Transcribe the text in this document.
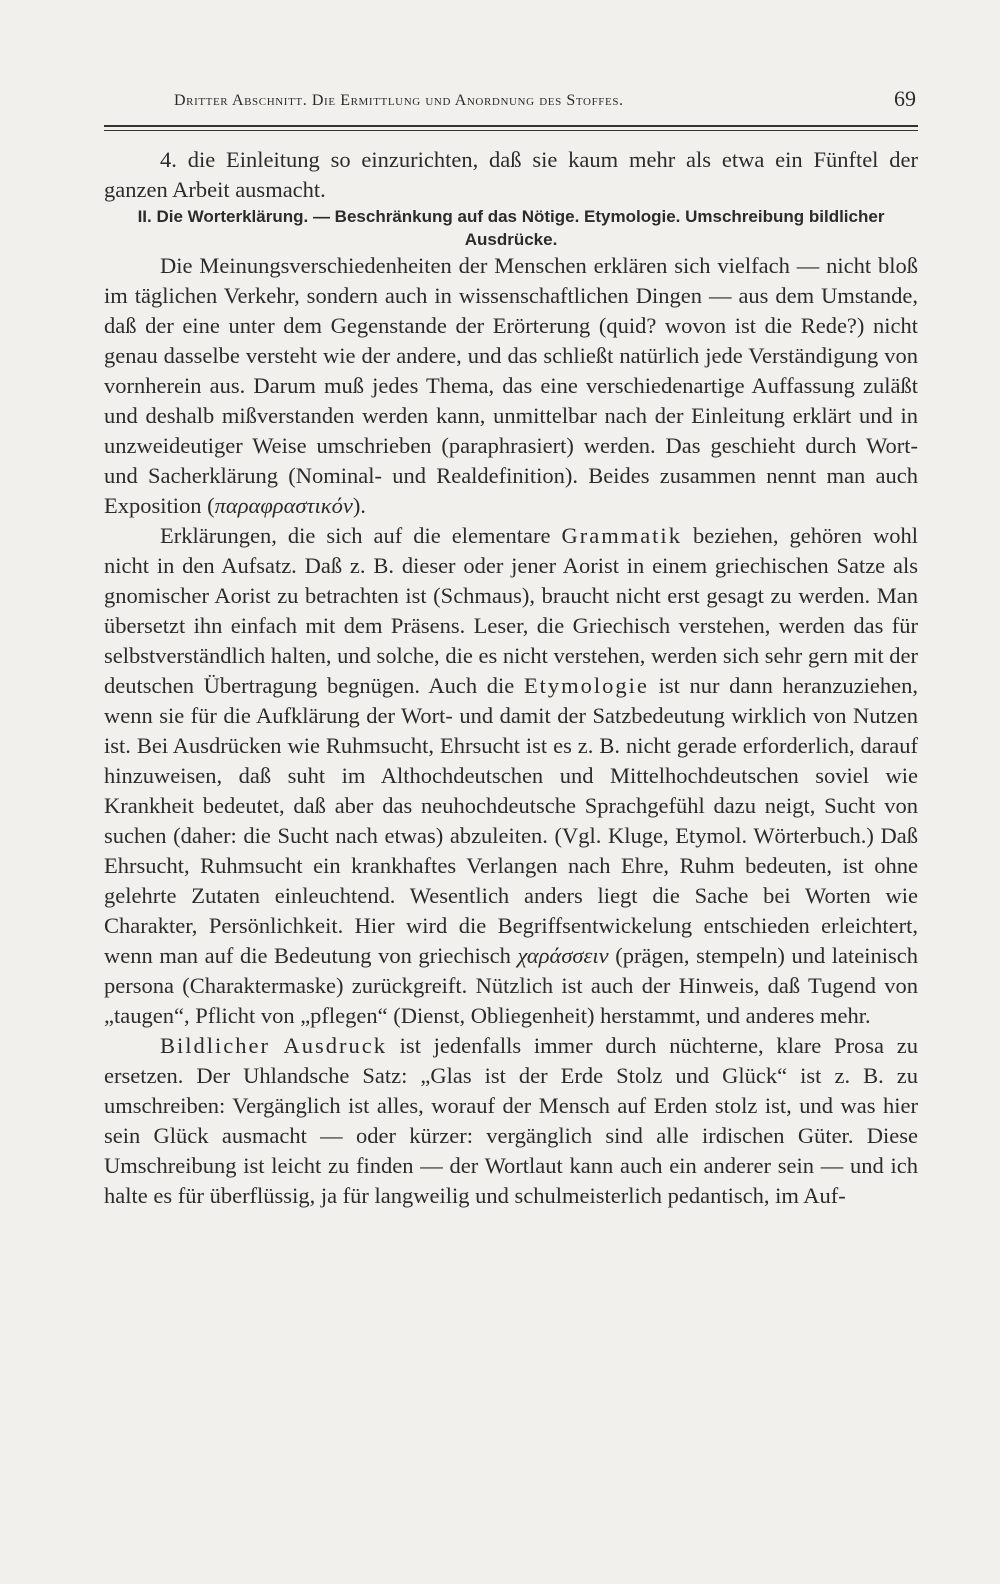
Dritter Abschnitt. Die Ermittlung und Anordnung des Stoffes.	69

4. die Einleitung so einzurichten, daß sie kaum mehr als etwa ein Fünftel der ganzen Arbeit ausmacht.

II. Die Worterklärung. — Beschränkung auf das Nötige. Etymologie. Umschreibung bildlicher Ausdrücke.

Die Meinungsverschiedenheiten der Menschen erklären sich vielfach — nicht bloß im täglichen Verkehr, sondern auch in wissenschaftlichen Dingen — aus dem Umstande, daß der eine unter dem Gegenstande der Erörterung (quid? wovon ist die Rede?) nicht genau dasselbe versteht wie der andere, und das schließt natürlich jede Verständigung von vornherein aus. Darum muß jedes Thema, das eine verschiedenartige Auffassung zuläßt und deshalb mißverstanden werden kann, unmittelbar nach der Einleitung erklärt und in unzweideutiger Weise umschrieben (paraphrasiert) werden. Das geschieht durch Wort- und Sacherklärung (Nominal- und Realdefinition). Beides zusammen nennt man auch Exposition (παραφραστικόν).

Erklärungen, die sich auf die elementare Grammatik beziehen, gehören wohl nicht in den Aufsatz. Daß z. B. dieser oder jener Aorist in einem griechischen Satze als gnomischer Aorist zu betrachten ist (Schmaus), braucht nicht erst gesagt zu werden. Man übersetzt ihn einfach mit dem Präsens. Leser, die Griechisch verstehen, werden das für selbstverständlich halten, und solche, die es nicht verstehen, werden sich sehr gern mit der deutschen Übertragung begnügen. Auch die Etymologie ist nur dann heranzuziehen, wenn sie für die Aufklärung der Wort- und damit der Satzbedeutung wirklich von Nutzen ist. Bei Ausdrücken wie Ruhmsucht, Ehrsucht ist es z. B. nicht gerade erforderlich, darauf hinzuweisen, daß suht im Althochdeutschen und Mittelhochdeutschen soviel wie Krankheit bedeutet, daß aber das neuhochdeutsche Sprachgefühl dazu neigt, Sucht von suchen (daher: die Sucht nach etwas) abzuleiten. (Vgl. Kluge, Etymol. Wörterbuch.) Daß Ehrsucht, Ruhmsucht ein krankhaftes Verlangen nach Ehre, Ruhm bedeuten, ist ohne gelehrte Zutaten einleuchtend. Wesentlich anders liegt die Sache bei Worten wie Charakter, Persönlichkeit. Hier wird die Begriffsentwickelung entschieden erleichtert, wenn man auf die Bedeutung von griechisch χαράσσειν (prägen, stempeln) und lateinisch persona (Charaktermaske) zurückgreift. Nützlich ist auch der Hinweis, daß Tugend von „taugen“, Pflicht von „pflegen“ (Dienst, Obliegenheit) herstammt, und anderes mehr.

Bildlicher Ausdruck ist jedenfalls immer durch nüchterne, klare Prosa zu ersetzen. Der Uhlandsche Satz: „Glas ist der Erde Stolz und Glück“ ist z. B. zu umschreiben: Vergänglich ist alles, worauf der Mensch auf Erden stolz ist, und was hier sein Glück ausmacht — oder kürzer: vergänglich sind alle irdischen Güter. Diese Umschreibung ist leicht zu finden — der Wortlaut kann auch ein anderer sein — und ich halte es für überflüssig, ja für langweilig und schulmeisterlich pedantisch, im Auf-
